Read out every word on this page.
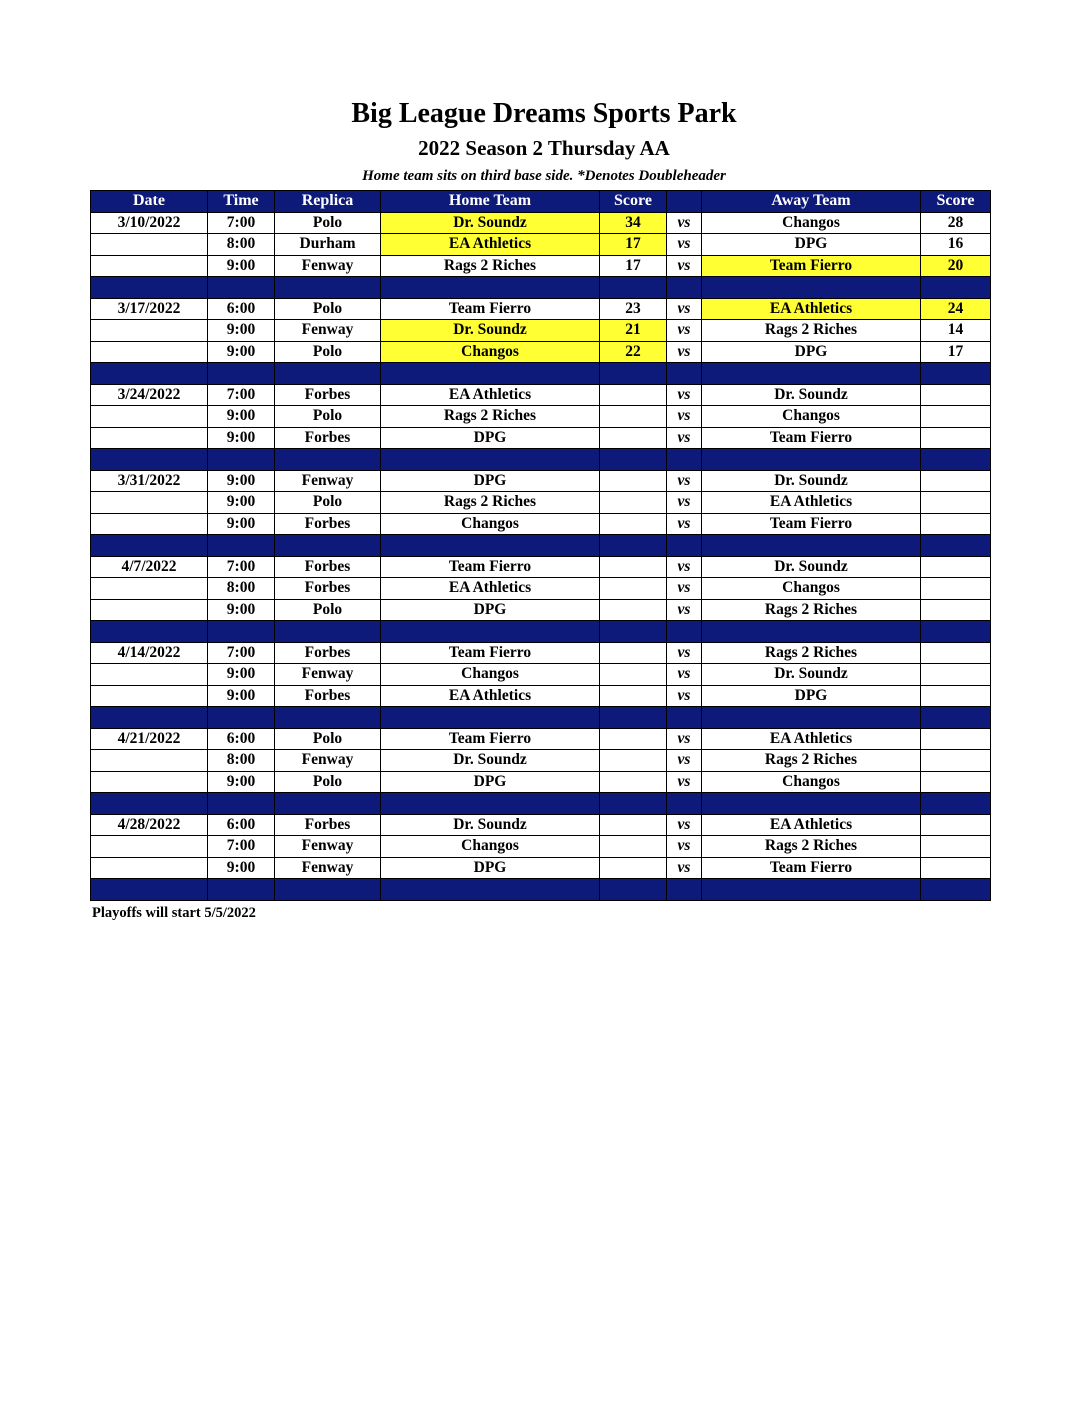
Big League Dreams Sports Park
2022 Season 2 Thursday AA
Home team sits on third base side. *Denotes Doubleheader
Date	Time	Replica	Home Team	Score		Away Team	Score
3/10/2022	7:00	Polo	Dr. Soundz	34	vs	Changos	28
	8:00	Durham	EA Athletics	17	vs	DPG	16
	9:00	Fenway	Rags 2 Riches	17	vs	Team Fierro	20

3/17/2022	6:00	Polo	Team Fierro	23	vs	EA Athletics	24
	9:00	Fenway	Dr. Soundz	21	vs	Rags 2 Riches	14
	9:00	Polo	Changos	22	vs	DPG	17

3/24/2022	7:00	Forbes	EA Athletics		vs	Dr. Soundz	
	9:00	Polo	Rags 2 Riches		vs	Changos	
	9:00	Forbes	DPG		vs	Team Fierro	

3/31/2022	9:00	Fenway	DPG		vs	Dr. Soundz	
	9:00	Polo	Rags 2 Riches		vs	EA Athletics	
	9:00	Forbes	Changos		vs	Team Fierro	

4/7/2022	7:00	Forbes	Team Fierro		vs	Dr. Soundz	
	8:00	Forbes	EA Athletics		vs	Changos	
	9:00	Polo	DPG		vs	Rags 2 Riches	

4/14/2022	7:00	Forbes	Team Fierro		vs	Rags 2 Riches	
	9:00	Fenway	Changos		vs	Dr. Soundz	
	9:00	Forbes	EA Athletics		vs	DPG	

4/21/2022	6:00	Polo	Team Fierro		vs	EA Athletics	
	8:00	Fenway	Dr. Soundz		vs	Rags 2 Riches	
	9:00	Polo	DPG		vs	Changos	

4/28/2022	6:00	Forbes	Dr. Soundz		vs	EA Athletics	
	7:00	Fenway	Changos		vs	Rags 2 Riches	
	9:00	Fenway	DPG		vs	Team Fierro	

Playoffs will start 5/5/2022
